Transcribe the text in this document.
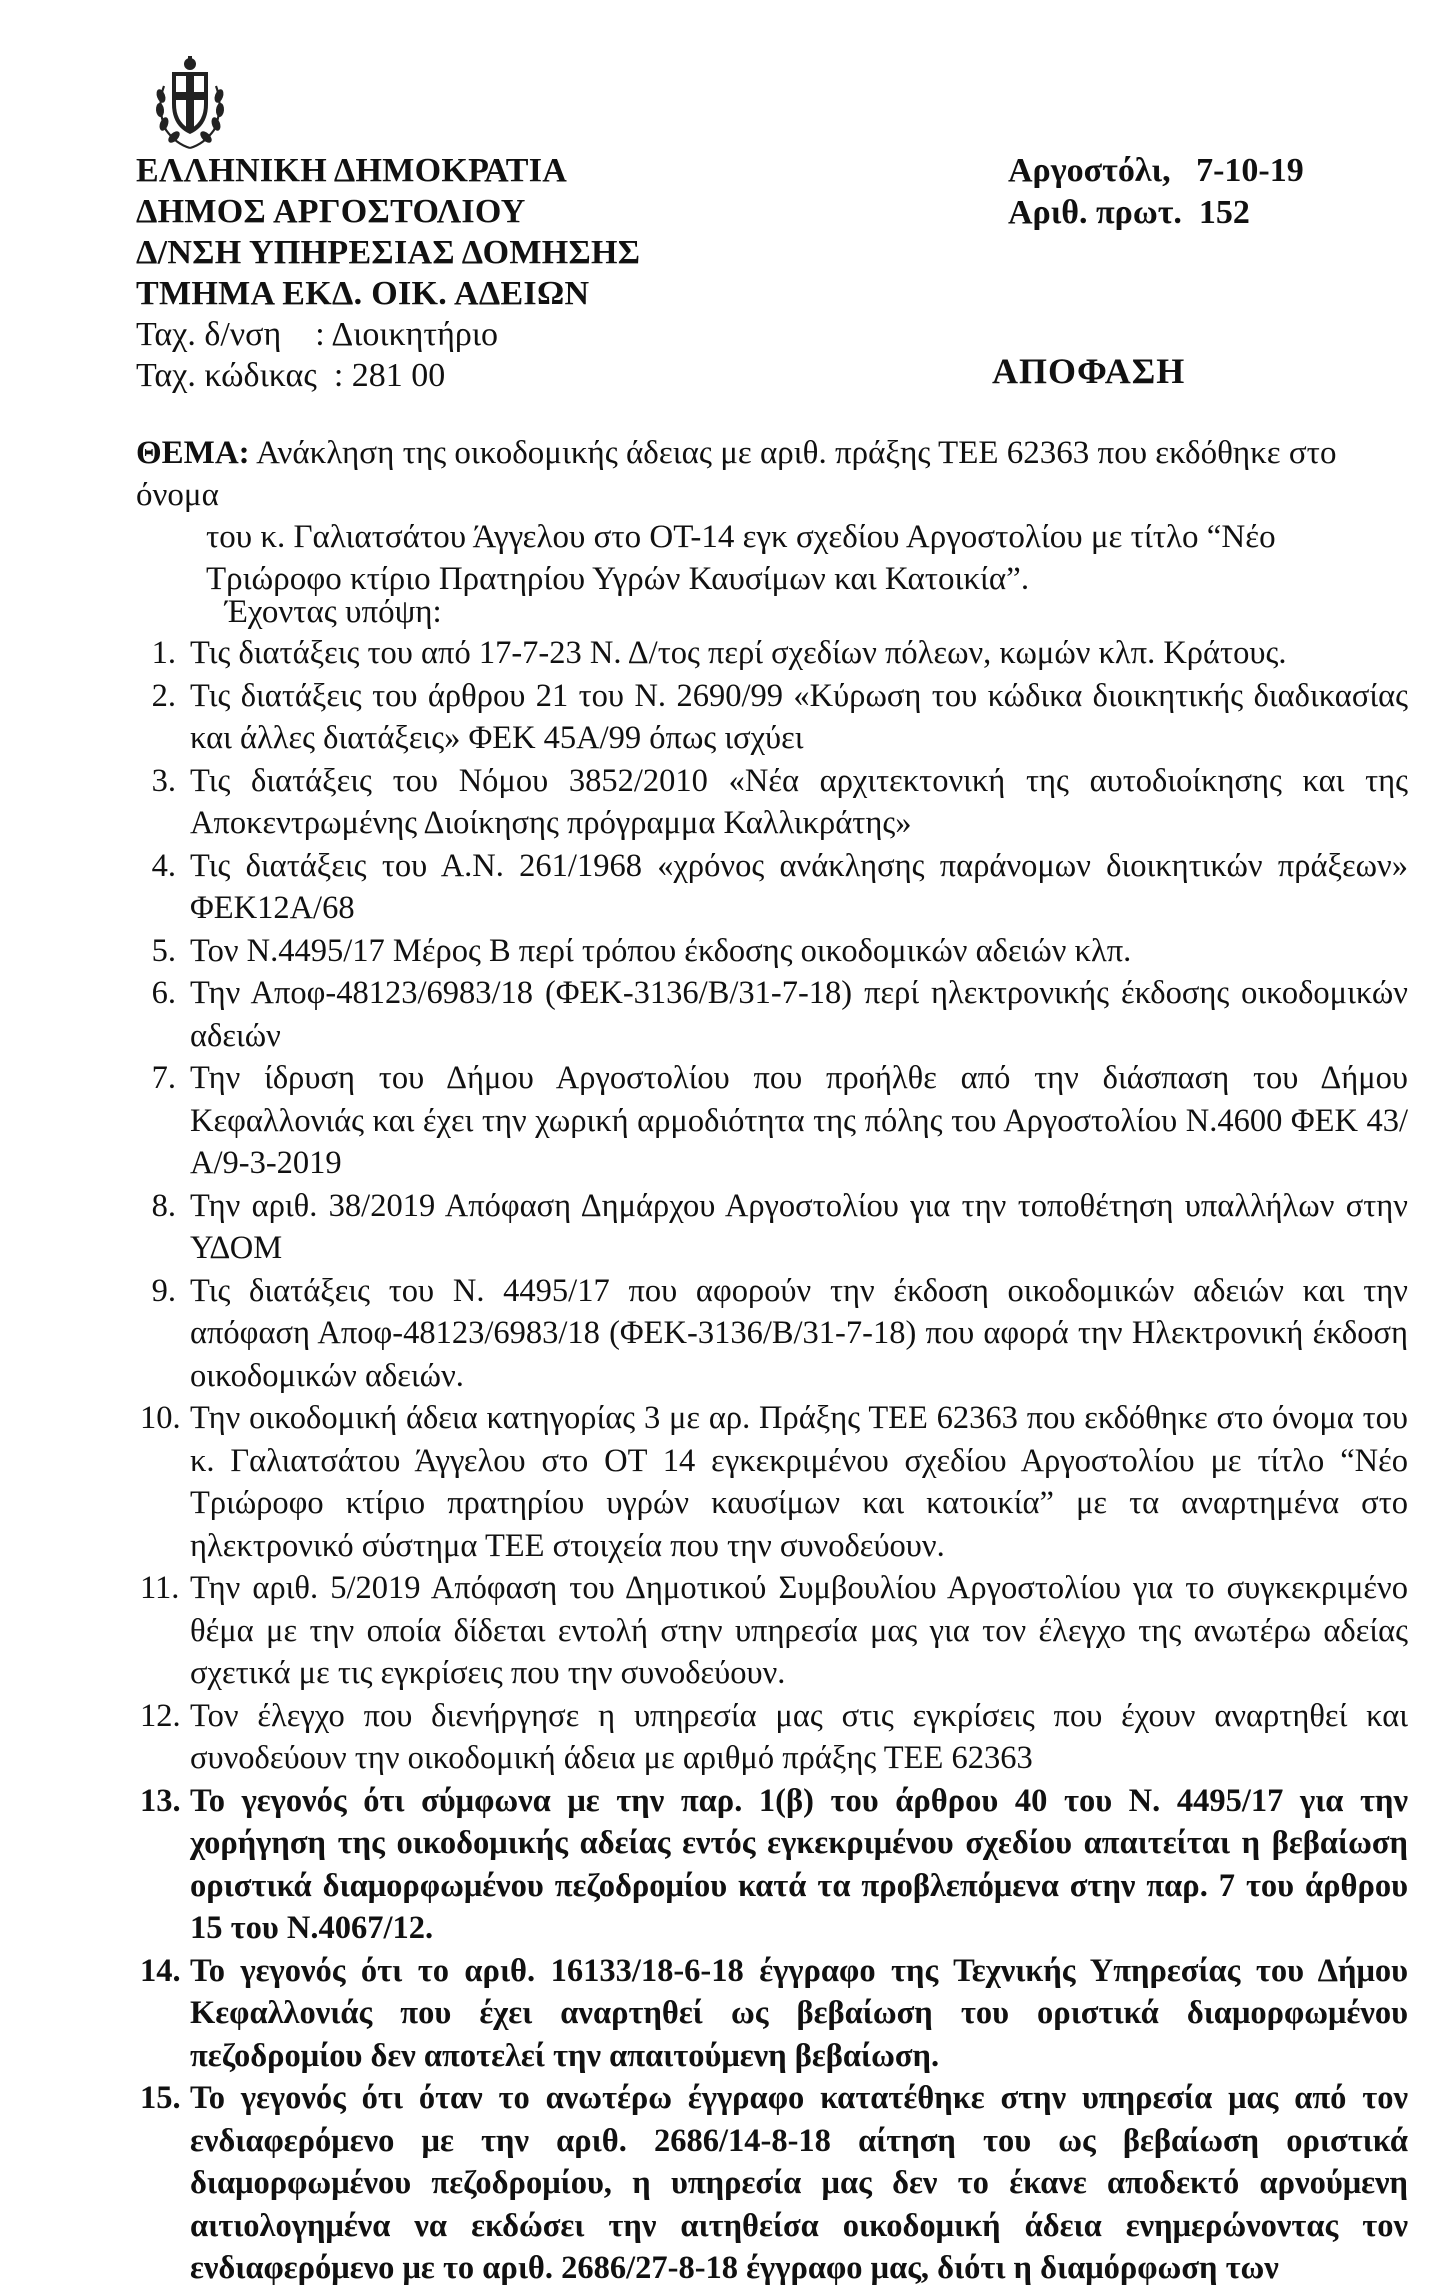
ΕΛΛΗΝΙΚΗ ΔΗΜΟΚΡΑΤΙΑ
ΔΗΜΟΣ ΑΡΓΟΣΤΟΛΙΟΥ
Δ/ΝΣΗ ΥΠΗΡΕΣΙΑΣ ΔΟΜΗΣΗΣ
ΤΜΗΜΑ ΕΚΔ. ΟΙΚ. ΑΔΕΙΩΝ
Ταχ. δ/νση    : Διοικητήριο
Ταχ. κώδικας  : 281 00
Αργοστόλι,   7-10-19
Αριθ. πρωτ.  152
ΑΠΟΦΑΣΗ
ΘΕΜΑ: Ανάκληση της οικοδομικής άδειας με αριθ. πράξης ΤΕΕ 62363 που εκδόθηκε στο όνομα
του κ. Γαλιατσάτου Άγγελου στο ΟΤ-14 εγκ σχεδίου Αργοστολίου με τίτλο “Νέο
Τριώροφο κτίριο Πρατηρίου Υγρών Καυσίμων και Κατοικία”.
Έχοντας υπόψη:
1. Τις διατάξεις του από 17-7-23 Ν. Δ/τος περί σχεδίων πόλεων, κωμών κλπ. Κράτους.
2. Τις διατάξεις του άρθρου 21 του Ν. 2690/99 «Κύρωση του κώδικα διοικητικής διαδικασίας και άλλες διατάξεις» ΦΕΚ 45Α/99 όπως ισχύει
3. Τις διατάξεις του Νόμου 3852/2010 «Νέα αρχιτεκτονική της αυτοδιοίκησης και της Αποκεντρωμένης Διοίκησης πρόγραμμα Καλλικράτης»
4. Τις διατάξεις του Α.Ν. 261/1968 «χρόνος ανάκλησης παράνομων διοικητικών πράξεων» ΦΕΚ12Α/68
5. Τον Ν.4495/17 Μέρος Β περί τρόπου έκδοσης οικοδομικών αδειών κλπ.
6. Την Αποφ-48123/6983/18 (ΦΕΚ-3136/Β/31-7-18) περί ηλεκτρονικής έκδοσης οικοδομικών αδειών
7. Την ίδρυση του Δήμου Αργοστολίου που προήλθε από την διάσπαση του Δήμου Κεφαλλονιάς και έχει την χωρική αρμοδιότητα της πόλης του Αργοστολίου Ν.4600 ΦΕΚ 43/Α/9-3-2019
8. Την αριθ. 38/2019 Απόφαση Δημάρχου Αργοστολίου για την τοποθέτηση υπαλλήλων στην ΥΔΟΜ
9. Τις διατάξεις του Ν. 4495/17 που αφορούν την έκδοση οικοδομικών αδειών και την απόφαση Αποφ-48123/6983/18 (ΦΕΚ-3136/Β/31-7-18) που αφορά την Ηλεκτρονική έκδοση οικοδομικών αδειών.
10. Την οικοδομική άδεια κατηγορίας 3 με αρ. Πράξης ΤΕΕ 62363 που εκδόθηκε στο όνομα του κ. Γαλιατσάτου Άγγελου στο ΟΤ 14 εγκεκριμένου σχεδίου Αργοστολίου με τίτλο “Νέο Τριώροφο κτίριο πρατηρίου υγρών καυσίμων και κατοικία” με τα αναρτημένα στο ηλεκτρονικό σύστημα ΤΕΕ στοιχεία που την συνοδεύουν.
11. Την αριθ. 5/2019 Απόφαση του Δημοτικού Συμβουλίου Αργοστολίου για το συγκεκριμένο θέμα με την οποία δίδεται εντολή στην υπηρεσία μας για τον έλεγχο της ανωτέρω αδείας σχετικά με τις εγκρίσεις που την συνοδεύουν.
12. Τον έλεγχο που διενήργησε η υπηρεσία μας στις εγκρίσεις που έχουν αναρτηθεί και συνοδεύουν την οικοδομική άδεια με αριθμό πράξης ΤΕΕ 62363
13. Το γεγονός ότι σύμφωνα με την παρ. 1(β) του άρθρου 40 του Ν. 4495/17 για την χορήγηση της οικοδομικής αδείας εντός εγκεκριμένου σχεδίου απαιτείται η βεβαίωση οριστικά διαμορφωμένου πεζοδρομίου κατά τα προβλεπόμενα στην παρ. 7 του άρθρου 15 του Ν.4067/12.
14. Το γεγονός ότι το αριθ. 16133/18-6-18 έγγραφο της Τεχνικής Υπηρεσίας του Δήμου Κεφαλλονιάς που έχει αναρτηθεί ως βεβαίωση του οριστικά διαμορφωμένου πεζοδρομίου δεν αποτελεί την απαιτούμενη βεβαίωση.
15. Το γεγονός ότι όταν το ανωτέρω έγγραφο κατατέθηκε στην υπηρεσία μας από τον ενδιαφερόμενο με την αριθ. 2686/14-8-18 αίτηση του ως βεβαίωση οριστικά διαμορφωμένου πεζοδρομίου, η υπηρεσία μας δεν το έκανε αποδεκτό αρνούμενη αιτιολογημένα να εκδώσει την αιτηθείσα οικοδομική άδεια ενημερώνοντας τον ενδιαφερόμενο με το αριθ. 2686/27-8-18 έγγραφο μας, διότι η διαμόρφωση των
